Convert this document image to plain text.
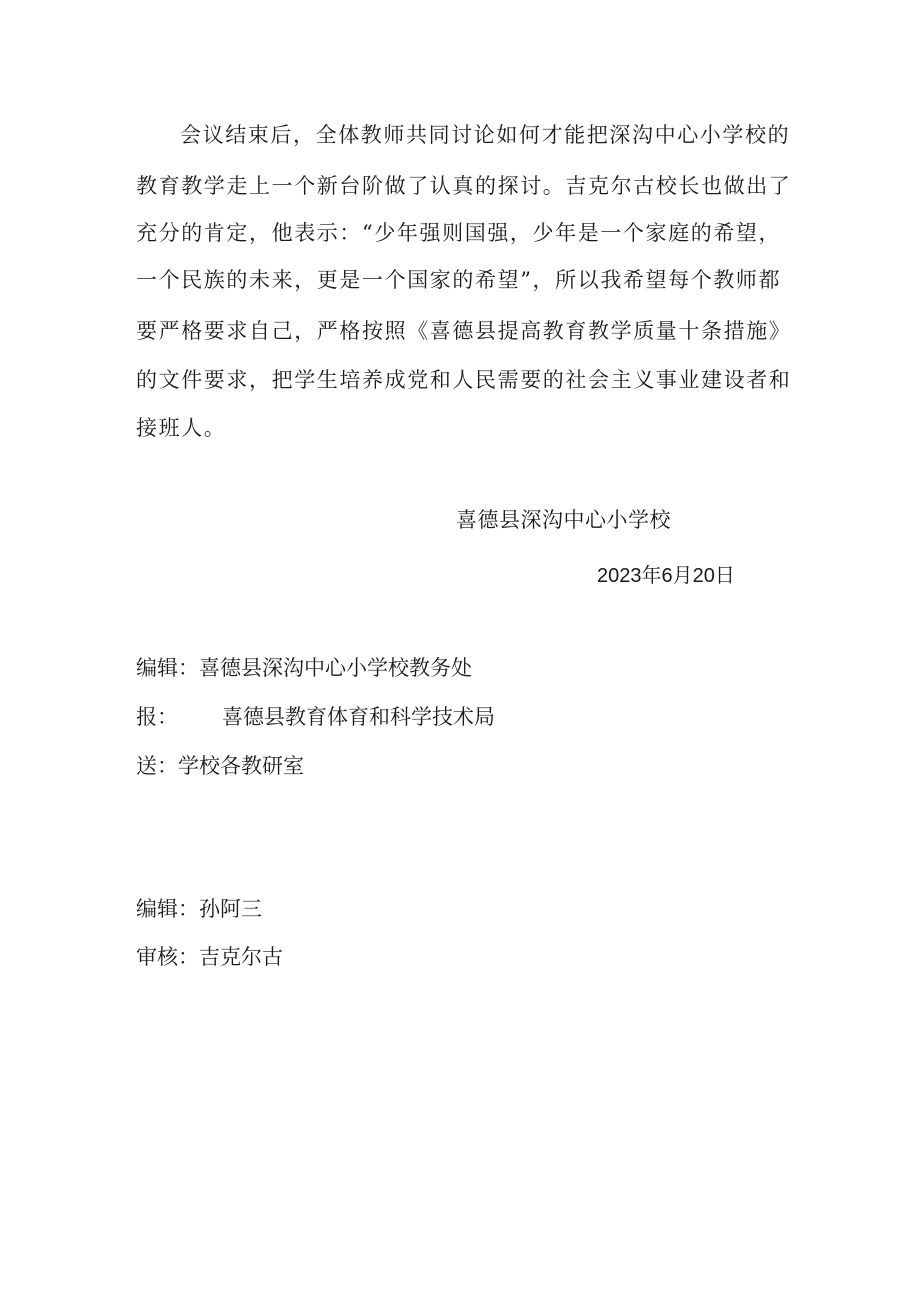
会议结束后，全体教师共同讨论如何才能把深沟中心小学校的
教育教学走上一个新台阶做了认真的探讨。吉克尔古校长也做出了
充分的肯定，他表示：“少年强则国强，少年是一个家庭的希望，
一个民族的未来，更是一个国家的希望”，所以我希望每个教师都
要严格要求自己，严格按照《喜德县提高教育教学质量十条措施》
的文件要求，把学生培养成党和人民需要的社会主义事业建设者和
接班人。
喜德县深沟中心小学校
2023年6月20日
编辑：喜德县深沟中心小学校教务处
报： 喜德县教育体育和科学技术局
送：学校各教研室
编辑：孙阿三
审核：吉克尔古
